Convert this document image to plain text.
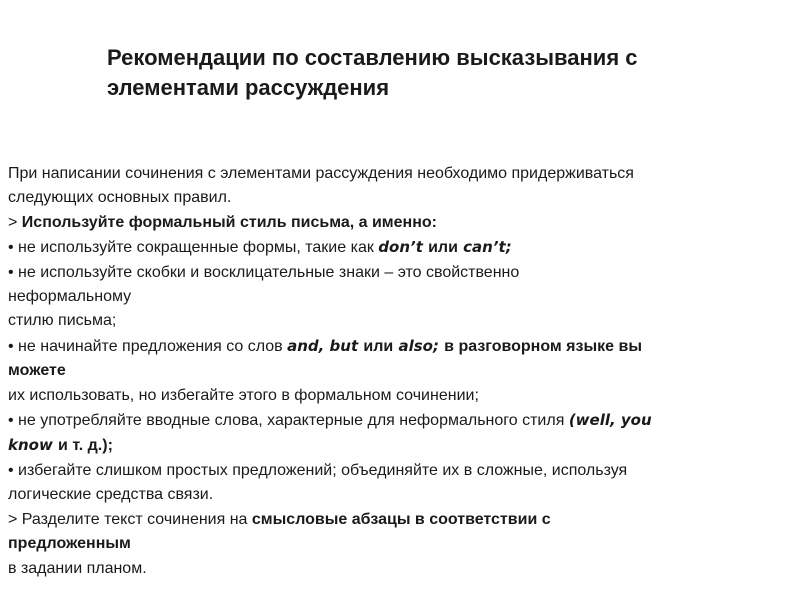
Рекомендации по составлению высказывания с
элементами рассуждения
При написании сочинения с элементами рассуждения необходимо придерживаться
следующих основных правил.
> Используйте формальный стиль письма, а именно:
• не используйте сокращенные формы, такие как don’t или can’t;
• не используйте скобки и восклицательные знаки – это свойственно
неформальному
стилю письма;
• не начинайте предложения со слов and, but или also; в разговорном языке вы
можете
их использовать, но избегайте этого в формальном сочинении;
• не употребляйте вводные слова, характерные для неформального стиля (well, you
know и т. д.);
• избегайте слишком простых предложений; объединяйте их в сложные, используя
логические средства связи.
> Разделите текст сочинения на смысловые абзацы в соответствии с
предложенным
в задании планом.
